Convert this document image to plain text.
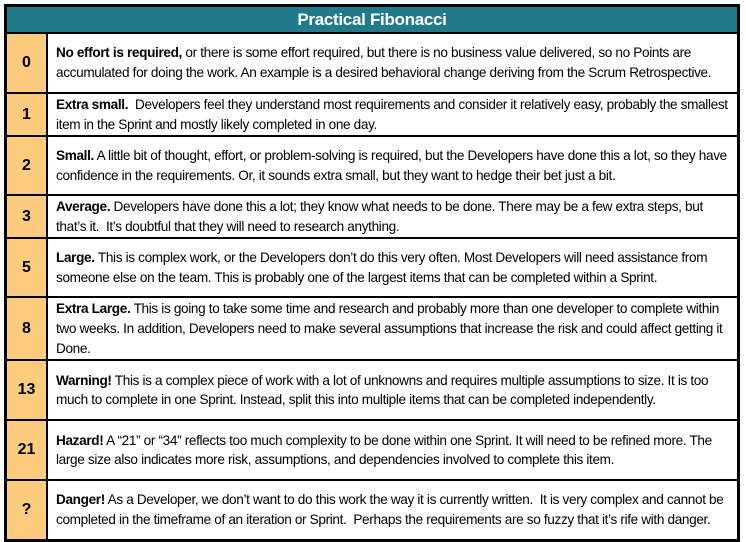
Practical Fibonacci	
0	No effort is required, or there is some effort required, but there is no business value delivered, so no Points are accumulated for doing the work. An example is a desired behavioral change deriving from the Scrum Retrospective.
1	Extra small.  Developers feel they understand most requirements and consider it relatively easy, probably the smallest item in the Sprint and mostly likely completed in one day.
2	Small. A little bit of thought, effort, or problem-solving is required, but the Developers have done this a lot, so they have confidence in the requirements. Or, it sounds extra small, but they want to hedge their bet just a bit.
3	Average. Developers have done this a lot; they know what needs to be done. There may be a few extra steps, but that’s it.  It’s doubtful that they will need to research anything.
5	Large. This is complex work, or the Developers don’t do this very often. Most Developers will need assistance from someone else on the team. This is probably one of the largest items that can be completed within a Sprint.
8	Extra Large. This is going to take some time and research and probably more than one developer to complete within two weeks. In addition, Developers need to make several assumptions that increase the risk and could affect getting it Done.
13	Warning! This is a complex piece of work with a lot of unknowns and requires multiple assumptions to size. It is too much to complete in one Sprint. Instead, split this into multiple items that can be completed independently.
21	Hazard! A “21” or “34” reflects too much complexity to be done within one Sprint. It will need to be refined more. The large size also indicates more risk, assumptions, and dependencies involved to complete this item.
?	Danger! As a Developer, we don’t want to do this work the way it is currently written.  It is very complex and cannot be completed in the timeframe of an iteration or Sprint.  Perhaps the requirements are so fuzzy that it’s rife with danger.
